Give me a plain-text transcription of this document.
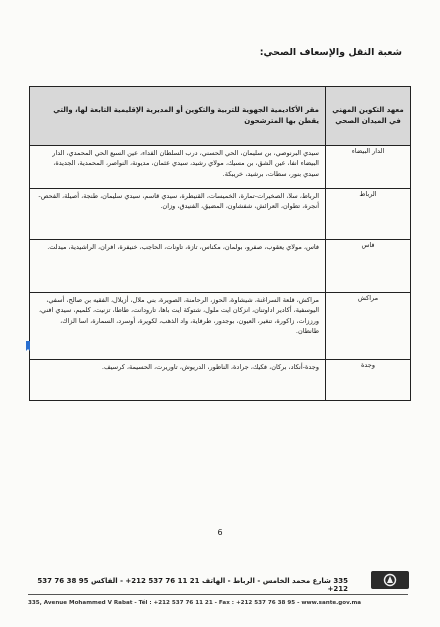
شعبة النقل والإسعاف الصحي:
معهد التكوين المهني في الميدان الصحي	مقر الأكاديمية الجهوية للتربية والتكوين أو المديرية الإقليمية التابعة لها، والتي يقطن بها المترشحون
الدار البيضاء	سيدي البرنوصي، بن سليمان، الحي الحسني، درب السلطان الفداء، عين السبع الحي المحمدي، الدار البيضاء انفا، عين الشق، بن مسيك، مولاي رشيد، سيدي عثمان، مديونة، النواصر، المحمدية، الجديدة، سيدي بنور، سطات، برشيد، خريبكة.
الرباط	الرباط، سلا، الصخيرات-تمارة، الخميسات، القنيطرة، سيدي قاسم، سيدي سليمان، طنجة، أصيلة، الفحص-أنجرة، تطوان، العرائش، شفشاون، المضيق، الفنيدق، وزان.
فاس	فاس، مولاي يعقوب، صفرو، بولمان، مكناس، تازة، تاونات، الحاجب، خنيفرة، افران، الراشيدية، ميدلت.
مراكش	مراكش، قلعة السراغنة، شيشاوة، الحوز، الرحامنة، الصويرة، بني ملال، أزيلال، الفقيه بن صالح، أسفي، اليوسفية، أكادير اداوتنان، انزكان ايت ملول، شتوكة ايت باها، تارودانت، طاطا، تزنيت، كلميم، سيدي افني، ورززات، زاكورة، تنغير، العيون، بوجدور، طرفاية، واد الذهب، لكويرة، أوسرد، السمارة، اسا الزاك، طانطان.
وجدة	وجدة-أنكاد، بركان، فكيك، جرادة، الناظور، الدريوش، تاوريرت، الحسيمة، كرسيف.
6
335 شارع محمد الخامس - الرباط - الهاتف 21 11 76 537 212+ - الفاكس 95 38 76 537 212+
335, Avenue Mohammed V Rabat - Tél : +212 537 76 11 21 - Fax : +212 537 76 38 95 - www.sante.gov.ma
